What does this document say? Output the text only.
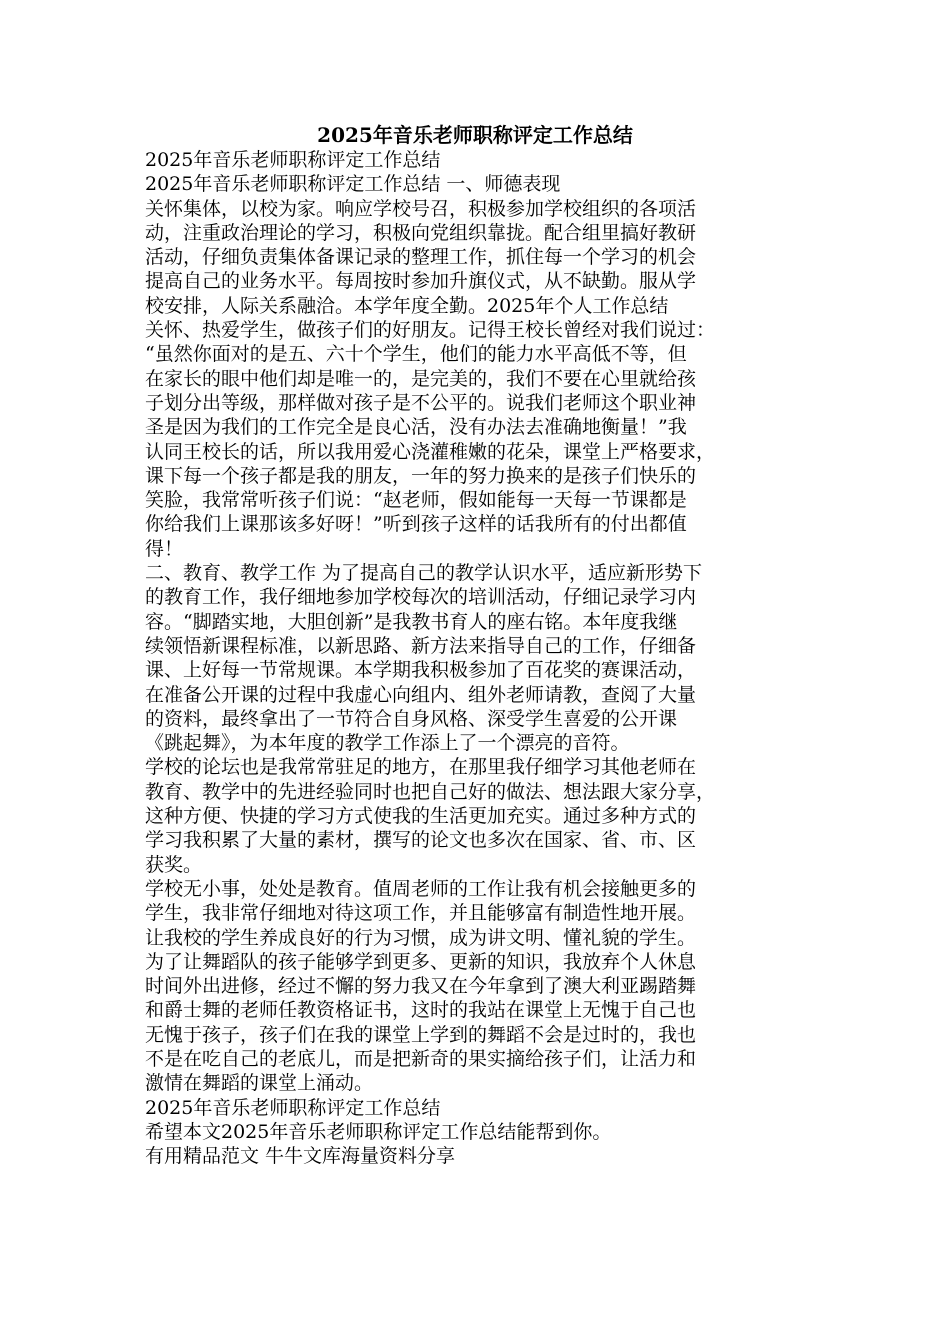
2025年音乐老师职称评定工作总结
2025年音乐老师职称评定工作总结
2025年音乐老师职称评定工作总结 一、师德表现
关怀集体，以校为家。响应学校号召，积极参加学校组织的各项活
动，注重政治理论的学习，积极向党组织靠拢。配合组里搞好教研
活动，仔细负责集体备课记录的整理工作，抓住每一个学习的机会
提高自己的业务水平。每周按时参加升旗仪式，从不缺勤。服从学
校安排，人际关系融洽。本学年度全勤。2025年个人工作总结
关怀、热爱学生，做孩子们的好朋友。记得王校长曾经对我们说过：
“虽然你面对的是五、六十个学生，他们的能力水平高低不等，但
在家长的眼中他们却是唯一的，是完美的，我们不要在心里就给孩
子划分出等级，那样做对孩子是不公平的。说我们老师这个职业神
圣是因为我们的工作完全是良心活，没有办法去准确地衡量！”我
认同王校长的话，所以我用爱心浇灌稚嫩的花朵，课堂上严格要求，
课下每一个孩子都是我的朋友，一年的努力换来的是孩子们快乐的
笑脸，我常常听孩子们说：“赵老师，假如能每一天每一节课都是
你给我们上课那该多好呀！”听到孩子这样的话我所有的付出都值
得！
二、教育、教学工作 为了提高自己的教学认识水平，适应新形势下
的教育工作，我仔细地参加学校每次的培训活动，仔细记录学习内
容。“脚踏实地，大胆创新”是我教书育人的座右铭。本年度我继
续领悟新课程标准，以新思路、新方法来指导自己的工作，仔细备
课、上好每一节常规课。本学期我积极参加了百花奖的赛课活动，
在准备公开课的过程中我虚心向组内、组外老师请教，查阅了大量
的资料，最终拿出了一节符合自身风格、深受学生喜爱的公开课
《跳起舞》，为本年度的教学工作添上了一个漂亮的音符。
学校的论坛也是我常常驻足的地方，在那里我仔细学习其他老师在
教育、教学中的先进经验同时也把自己好的做法、想法跟大家分享，
这种方便、快捷的学习方式使我的生活更加充实。通过多种方式的
学习我积累了大量的素材，撰写的论文也多次在国家、省、市、区
获奖。
学校无小事，处处是教育。值周老师的工作让我有机会接触更多的
学生，我非常仔细地对待这项工作，并且能够富有制造性地开展。
让我校的学生养成良好的行为习惯，成为讲文明、懂礼貌的学生。
为了让舞蹈队的孩子能够学到更多、更新的知识，我放弃个人休息
时间外出进修，经过不懈的努力我又在今年拿到了澳大利亚踢踏舞
和爵士舞的老师任教资格证书，这时的我站在课堂上无愧于自己也
无愧于孩子，孩子们在我的课堂上学到的舞蹈不会是过时的，我也
不是在吃自己的老底儿，而是把新奇的果实摘给孩子们，让活力和
激情在舞蹈的课堂上涌动。
2025年音乐老师职称评定工作总结
希望本文2025年音乐老师职称评定工作总结能帮到你。
有用精品范文 牛牛文库海量资料分享
